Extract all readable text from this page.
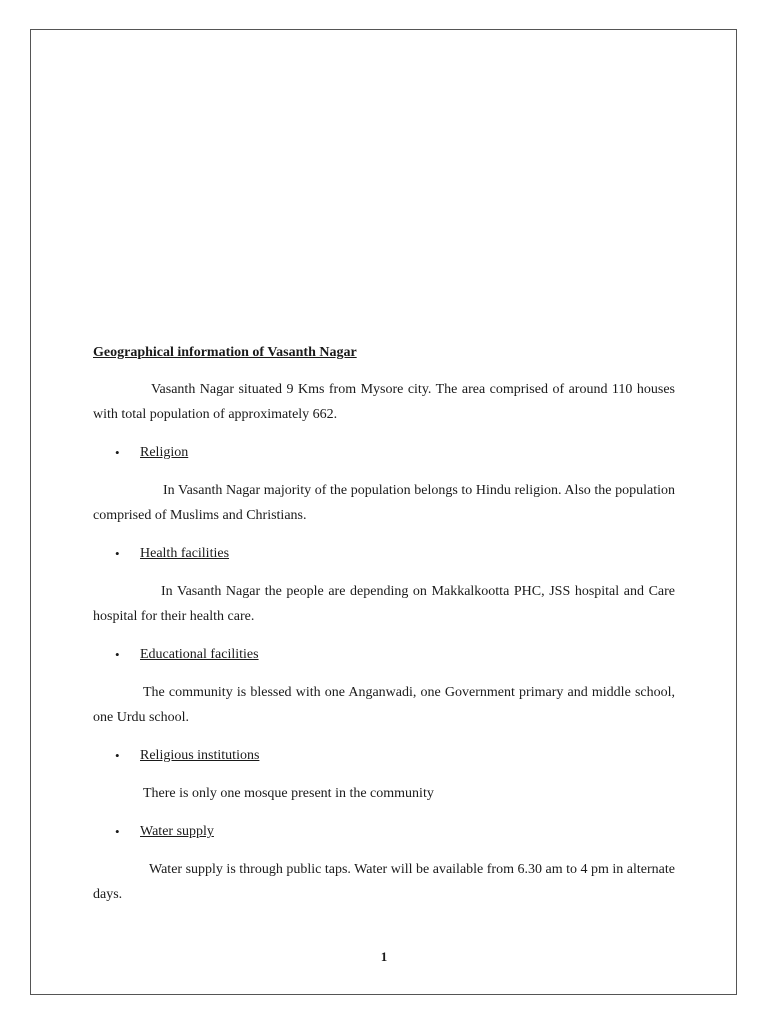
Geographical information of Vasanth Nagar

Vasanth Nagar situated 9 Kms from Mysore city. The area comprised of around 110 houses with total population of approximately 662.

• Religion

In Vasanth Nagar majority of the population belongs to Hindu religion. Also the population comprised of Muslims and Christians.

• Health facilities

In Vasanth Nagar the people are depending on Makkalkootta PHC, JSS hospital and Care hospital for their health care.

• Educational facilities

The community is blessed with one Anganwadi, one Government primary and middle school, one Urdu school.

• Religious institutions

There is only one mosque present in the community

• Water supply

Water supply is through public taps. Water will be available from 6.30 am to 4 pm in alternate days.

1
